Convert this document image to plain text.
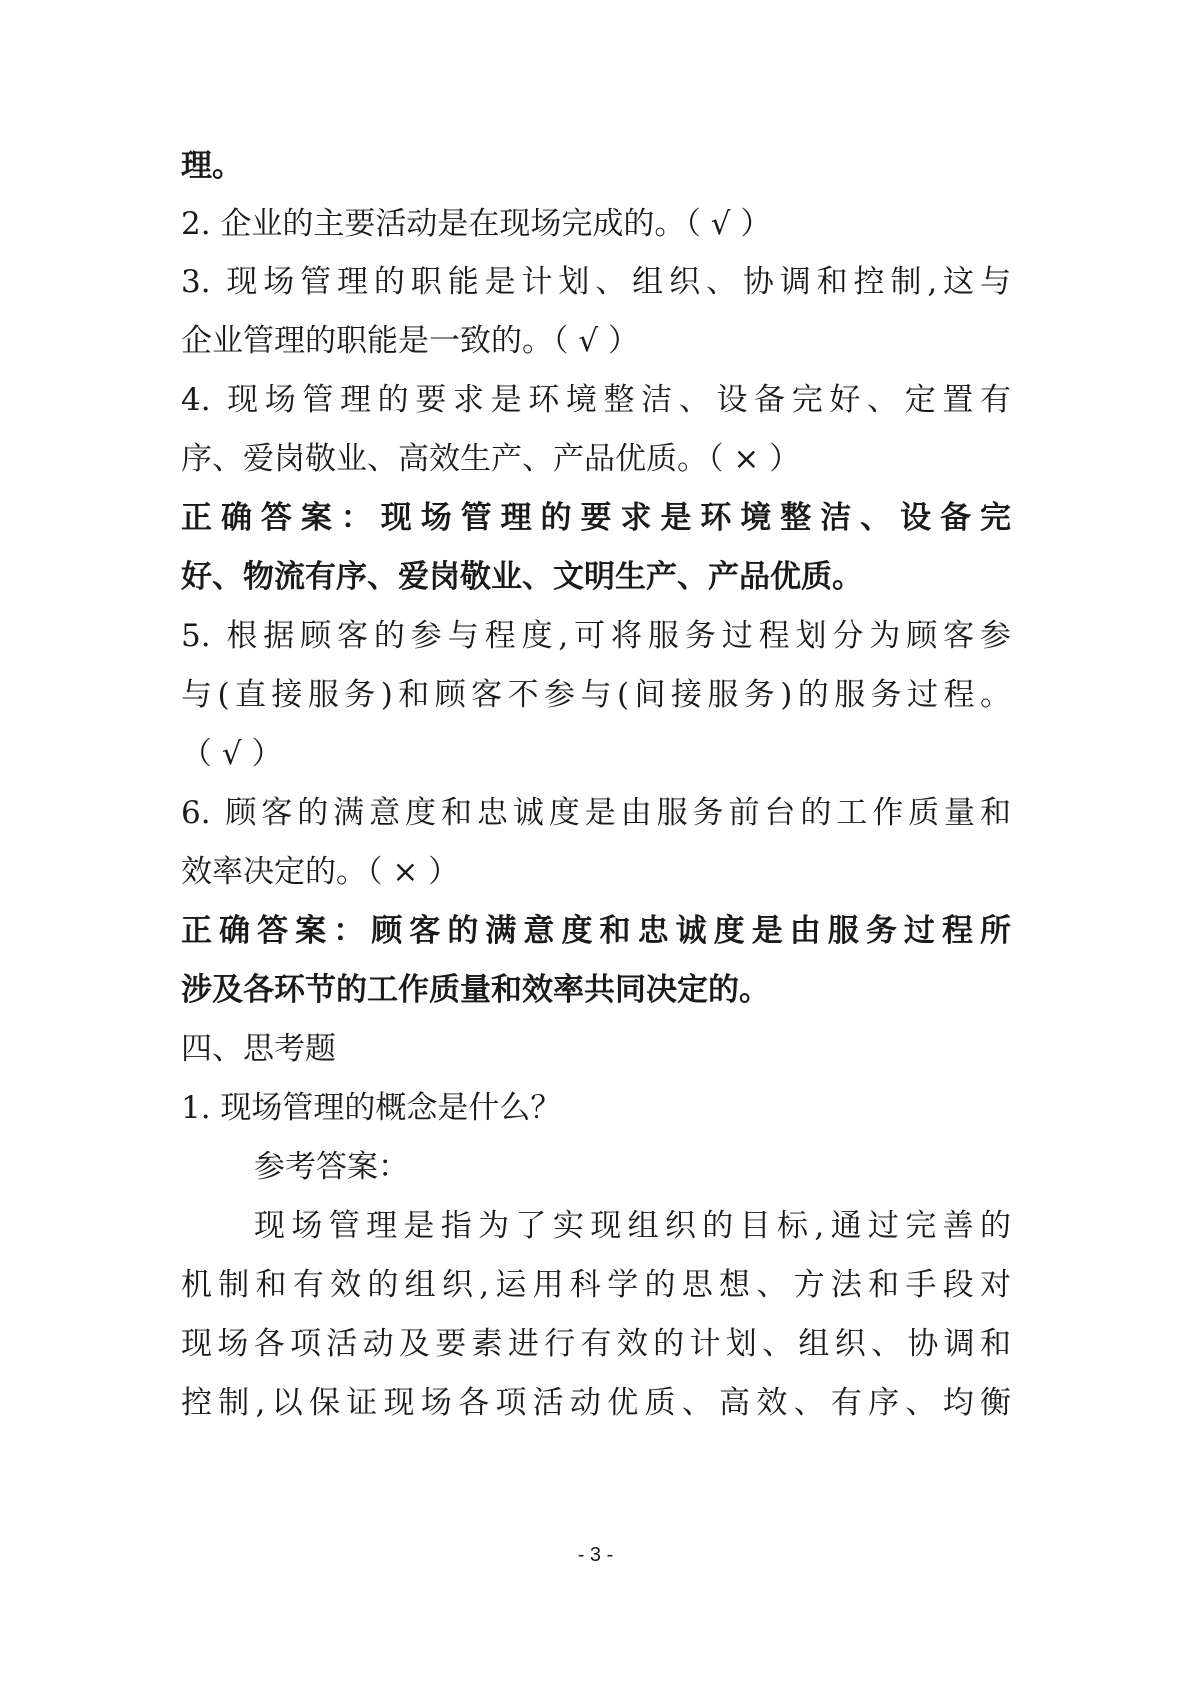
理。
2. 企业的主要活动是在现场完成的。（ √ ）
3. 现场管理的职能是计划、组织、协调和控制,这与
企业管理的职能是一致的。（ √ ）
4. 现场管理的要求是环境整洁、设备完好、定置有
序、爱岗敬业、高效生产、产品优质。（ × ）
正确答案：现场管理的要求是环境整洁、设备完
好、物流有序、爱岗敬业、文明生产、产品优质。
5. 根据顾客的参与程度,可将服务过程划分为顾客参
与(直接服务)和顾客不参与(间接服务)的服务过程。
（ √ ）
6. 顾客的满意度和忠诚度是由服务前台的工作质量和
效率决定的。（ × ）
正确答案：顾客的满意度和忠诚度是由服务过程所
涉及各环节的工作质量和效率共同决定的。
四、思考题
1. 现场管理的概念是什么？
参考答案：
现场管理是指为了实现组织的目标,通过完善的
机制和有效的组织,运用科学的思想、方法和手段对
现场各项活动及要素进行有效的计划、组织、协调和
控制,以保证现场各项活动优质、高效、有序、均衡
- 3 -
